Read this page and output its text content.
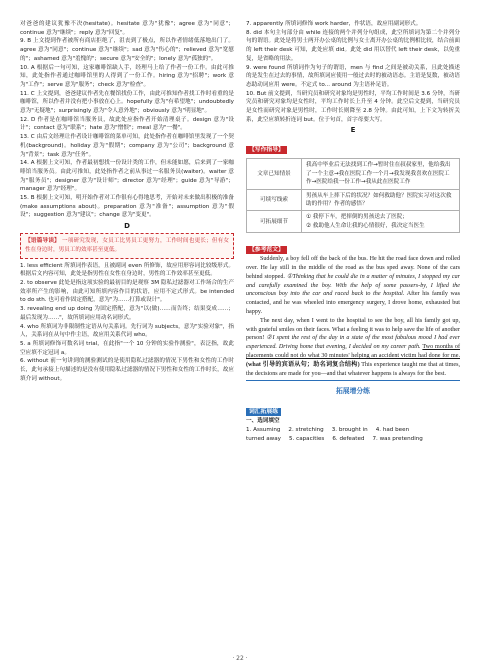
对爸爸的建议犹豫不决(hesitate)。hesitate 意为"犹豫"；agree 意为"同意"；continue 意为"继续"；reply 意为"回复"。

9. B 上文提到作者被所有商店拒绝了，沮丧到了极点，所以作者情绪低落地出门了。agree 意为"同意"；continue 意为"继续"；sad 意为"伤心的"；relieved 意为"宽慰的"；ashamed 意为"羞愧的"；secure 意为"安全的"；lonely 意为"孤独的"。

10. A 根据后一句可知，这家咖啡馆缺人手，经理马上给了作者一份工作。由此可推知，此处指作者通过咖啡馆里的人得到了一份工作。hiring 意为"招聘"；work 意为"工作"；serve 意为"服务"；check 意为"检查"。

11. C 上文提到，爸爸建议作者先在餐馆找份工作，由此可推知作者找工作时看重的是咖啡馆，所以作者并没有把小事放在心上。hopefully 意为"有希望地"；undoubtedly 意为"无疑地"；surprisingly 意为"令人意外地"；obviously 意为"明显地"。

12. D 作者是在咖啡馆当服务员，故此处应指作者开始清理桌子。design 意为"设计"；contact 意为"联系"；hate 意为"憎恨"；meal 意为"一餐"。

13. C 由后文经理让作者设计咖啡馆的菜单可知，此处指作者在咖啡馆里发现了一个契机(background)。holiday 意为"假期"；company 意为"公司"；background 意为"背景"；task 意为"任务"。

14. A 根据上文可知，作者最初想找一份设计类的工作，但未能如愿，后来到了一家咖啡馆当服务员。由此可推知，此处指作者之前从事过一名服务员(waiter)。waiter 意为"服务员"；designer 意为"设计师"；director 意为"经理"；guide 意为"导游"；manager 意为"经理"。

15. B 根据上文可知，明开始作者对工作很有心得地思考，开始对未来做出积极的准备(make assumptions about)。preparation 意为"准备"；assumption 意为"假设"；suggestion 意为"建议"；change 意为"变更"。

D

【语篇导读】 一项研究发现，女员工比男员工更努力，工作时间也更长；但有女性在身边时，男员工的效率甚至更低。

1. less efficient 所填词作表语，且被副词 even 所修饰，故应用形容词比较级形式。根据后文内容可知，此处是指男性在女性在身边时，男性的工作效率甚至更低。

2. to observe 此处是指这项实验的最初目的是观察 3M 隐私过滤器对工作场合的生产效率所产生的影响，由此可知所填内容作目的状语，应用不定式形式。be intended to do sth. 也可看作固定搭配，意为"为……打算或设计"。

3. revealing end up doing 为固定搭配，意为"以(做)……而告终；结果变成……；最后发现为……"，故所填词应用动名词形式。

4. who 所填词为非限制性定语从句关系词。先行词为 subjects，意为"实验对象"，指人，关系词在从句中作主语，故应用关系代词 who。

5. a 所填词修饰可数名词 trial，在此指"一个 10 分钟的实验作测验"，表泛指，故此空应填不定冠词 a。

6. without 前一句讲到的测验测试的是使用隐私过滤器的情况下男性和女性的工作时长，此句承接上句描述的是没有使用隐私过滤器的情况下男性和女性的工作时长，故应填介词 without。

7. apparently 所填词修饰 work harder，作状语，故应用副词形式。

8. did 本句主句部分由 while 连接的两个并列分句组成，此空所填词为第二个并列分句的谓语。此处是将男士两开办公桌的比例与女士离开办公桌的比例相比较，结合前面的 left their desk 可知，此处应填 did。此处 did 用以替代 left their desk，以免重复，是省略的用法。

9. were found 所填词作为句子的谓语，men 与 find 之间是被动关系，且此处描述的是发生在过去的事情，故所填词应使用一般过去时的被动语态。主语是复数，被动语态助动词应用 were。不定式 to... around 为主语补足语。

10. But 前文提到，当研究员和研究对象均是男性时，平均工作时间是 3.6 分钟，当研究员和研究对象均是女性时，平均工作时长上升至 4 分钟。此空后文提到，当研究员是女性而研究对象是男性时，工作时长则降至 2.8 分钟。由此可知，上下文为转折关系，此空应填转折连词 but。位于句首，首字母要大写。

E
【写作指导】
文章已知情景	我高中毕业后无法找到工作→暂时住在叔叔家里，他给我出了一个主意→我在医院工作一个月→我发现我喜欢在医院工作→医院给我一份工作→我从此在医院工作
可续写线索	男孩从车上摔下后的状况？如何救助他？医院实习对这次救助的作用？作者的感悟？
可拓展细节	① 我停下车，把摔倒的男孩送去了医院；
② 救助他人生命让我的心情很好，我决定当医生
【参考范文】

Suddenly, a boy fell off the back of the bus. He hit the road face down and rolled over. He lay still in the middle of the road as the bus sped away. None of the cars behind stopped. ①Thinking that he could die in a matter of minutes, I stopped my car and carefully examined the boy. With the help of some passers-by, I lifted the unconscious boy into the car and raced back to the hospital. After his family was contacted, and he was wheeled into emergency surgery, I drove home, exhausted but happy.

The next day, when I went to the hospital to see the boy, all his family got up, with grateful smiles on their faces. What a feeling it was to help save the life of another person! ②I spent the rest of the day in a state of the most fabulous mood I had ever experienced. Driving home that evening, I decided on my career path. Two months of placements could not do what 30 minutes' helping an accident victim had done for me. (what 引导的宾语从句；助名词复合结构) This experience taught me that at times, the decisions are made for you—and that whatever happens is always for the best.

拓展增分练
词汇拓展练

一、选词填空

1. Assuming 2. stretching 3. brought in 4. had been

turned away 5. capacities 6. defeated 7. was pretending

· 22 ·
